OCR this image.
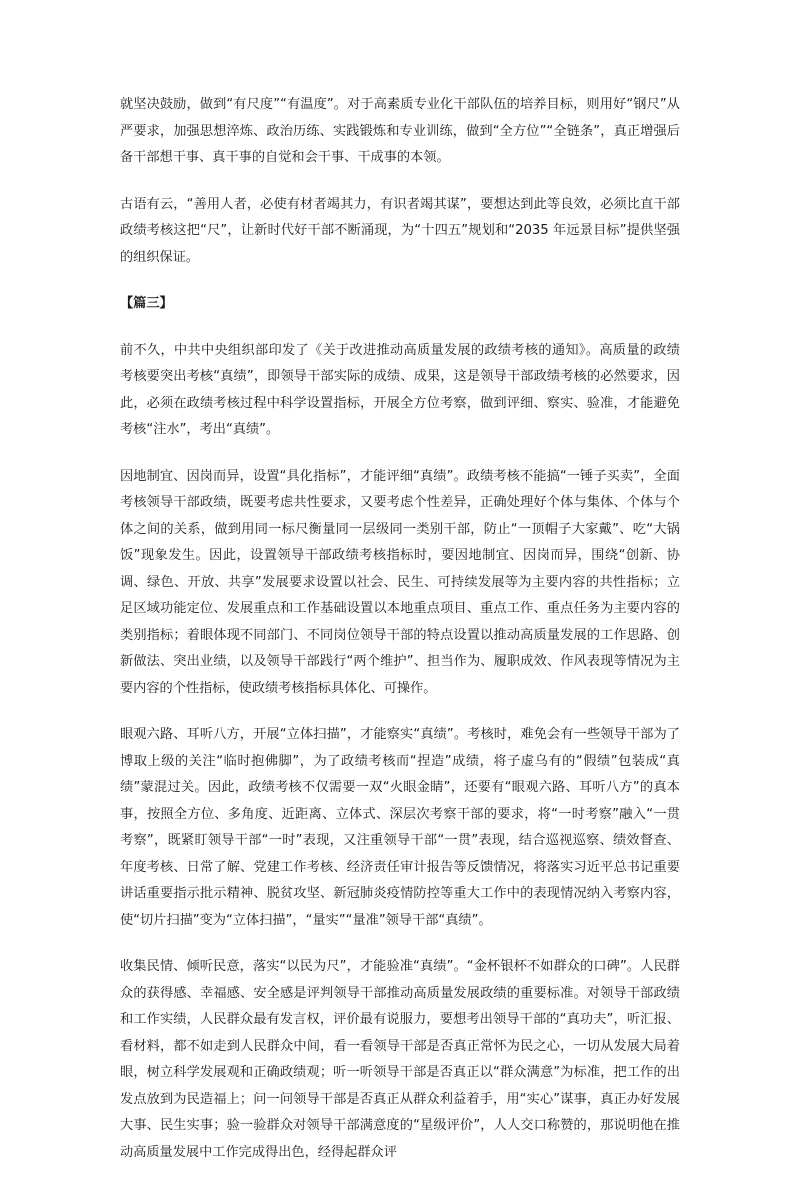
就坚决鼓励，做到“有尺度”“有温度”。对于高素质专业化干部队伍的培养目标，则用好“钢尺”从严要求，加强思想淬炼、政治历练、实践锻炼和专业训练，做到“全方位”“全链条”，真正增强后备干部想干事、真干事的自觉和会干事、干成事的本领。

古语有云，“善用人者，必使有材者竭其力，有识者竭其谋”，要想达到此等良效，必须比直干部政绩考核这把“尺”，让新时代好干部不断涌现，为“十四五”规划和“2035 年远景目标”提供坚强的组织保证。

【篇三】

前不久，中共中央组织部印发了《关于改进推动高质量发展的政绩考核的通知》。高质量的政绩考核要突出考核“真绩”，即领导干部实际的成绩、成果，这是领导干部政绩考核的必然要求，因此，必须在政绩考核过程中科学设置指标，开展全方位考察，做到评细、察实、验准，才能避免考核“注水”，考出“真绩”。

因地制宜、因岗而异，设置“具化指标”，才能评细“真绩”。政绩考核不能搞“一锤子买卖”，全面考核领导干部政绩，既要考虑共性要求，又要考虑个性差异，正确处理好个体与集体、个体与个体之间的关系，做到用同一标尺衡量同一层级同一类别干部，防止“一顶帽子大家戴”、吃“大锅饭”现象发生。因此，设置领导干部政绩考核指标时，要因地制宜、因岗而异，围绕“创新、协调、绿色、开放、共享”发展要求设置以社会、民生、可持续发展等为主要内容的共性指标；立足区域功能定位、发展重点和工作基础设置以本地重点项目、重点工作、重点任务为主要内容的类别指标；着眼体现不同部门、不同岗位领导干部的特点设置以推动高质量发展的工作思路、创新做法、突出业绩，以及领导干部践行“两个维护”、担当作为、履职成效、作风表现等情况为主要内容的个性指标，使政绩考核指标具体化、可操作。

眼观六路、耳听八方，开展“立体扫描”，才能察实“真绩”。考核时，难免会有一些领导干部为了博取上级的关注“临时抱佛脚”，为了政绩考核而“捏造”成绩，将子虚乌有的“假绩”包装成“真绩”蒙混过关。因此，政绩考核不仅需要一双“火眼金睛”，还要有“眼观六路、耳听八方”的真本事，按照全方位、多角度、近距离、立体式、深层次考察干部的要求，将“一时考察”融入“一贯考察”，既紧盯领导干部“一时”表现，又注重领导干部“一贯”表现，结合巡视巡察、绩效督查、年度考核、日常了解、党建工作考核、经济责任审计报告等反馈情况，将落实习近平总书记重要讲话重要指示批示精神、脱贫攻坚、新冠肺炎疫情防控等重大工作中的表现情况纳入考察内容，使“切片扫描”变为“立体扫描”，“量实”“量准”领导干部“真绩”。

收集民情、倾听民意，落实“以民为尺”，才能验准“真绩”。“金杯银杯不如群众的口碑”。人民群众的获得感、幸福感、安全感是评判领导干部推动高质量发展政绩的重要标准。对领导干部政绩和工作实绩，人民群众最有发言权，评价最有说服力，要想考出领导干部的“真功夫”，听汇报、看材料，都不如走到人民群众中间，看一看领导干部是否真正常怀为民之心，一切从发展大局着眼，树立科学发展观和正确政绩观；听一听领导干部是否真正以“群众满意”为标准，把工作的出发点放到为民造福上；问一问领导干部是否真正从群众利益着手，用“实心”谋事，真正办好发展大事、民生实事；验一验群众对领导干部满意度的“星级评价”，人人交口称赞的，那说明他在推动高质量发展中工作完成得出色，经得起群众评
